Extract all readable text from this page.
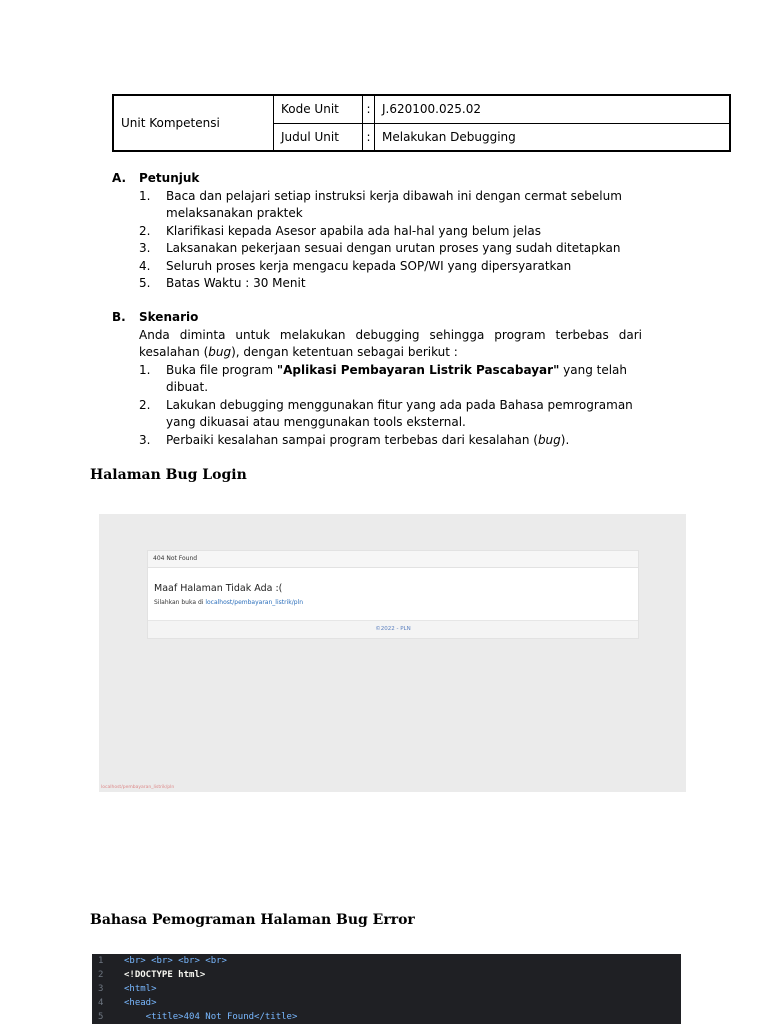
Unit Kompetensi	Kode Unit	:	J.620100.025.02
	Judul Unit	:	Melakukan Debugging
A.	Petunjuk
1.	Baca dan pelajari setiap instruksi kerja dibawah ini dengan cermat sebelum melaksanakan praktek
2.	Klarifikasi kepada Asesor apabila ada hal-hal yang belum jelas
3.	Laksanakan pekerjaan sesuai dengan urutan proses yang sudah ditetapkan
4.	Seluruh proses kerja mengacu kepada SOP/WI yang dipersyaratkan
5.	Batas Waktu : 30 Menit
B.	Skenario
Anda diminta untuk melakukan debugging sehingga program terbebas dari kesalahan (bug), dengan ketentuan sebagai berikut :
1.	Buka file program "Aplikasi Pembayaran Listrik Pascabayar" yang telah dibuat.
2.	Lakukan debugging menggunakan fitur yang ada pada Bahasa pemrograman yang dikuasai atau menggunakan tools eksternal.
3.	Perbaiki kesalahan sampai program terbebas dari kesalahan (bug).
Halaman Bug Login
404 Not Found
Maaf Halaman Tidak Ada :(
Silahkan buka di localhost/pembayaran_listrik/pln
©2022 - PLN
localhost/pembayaran_listrik/pln
Bahasa Pemograman Halaman Bug Error
1	<br> <br> <br> <br>
2	<!DOCTYPE html>
3	<html>
4	<head>
5	<title>404 Not Found</title>
